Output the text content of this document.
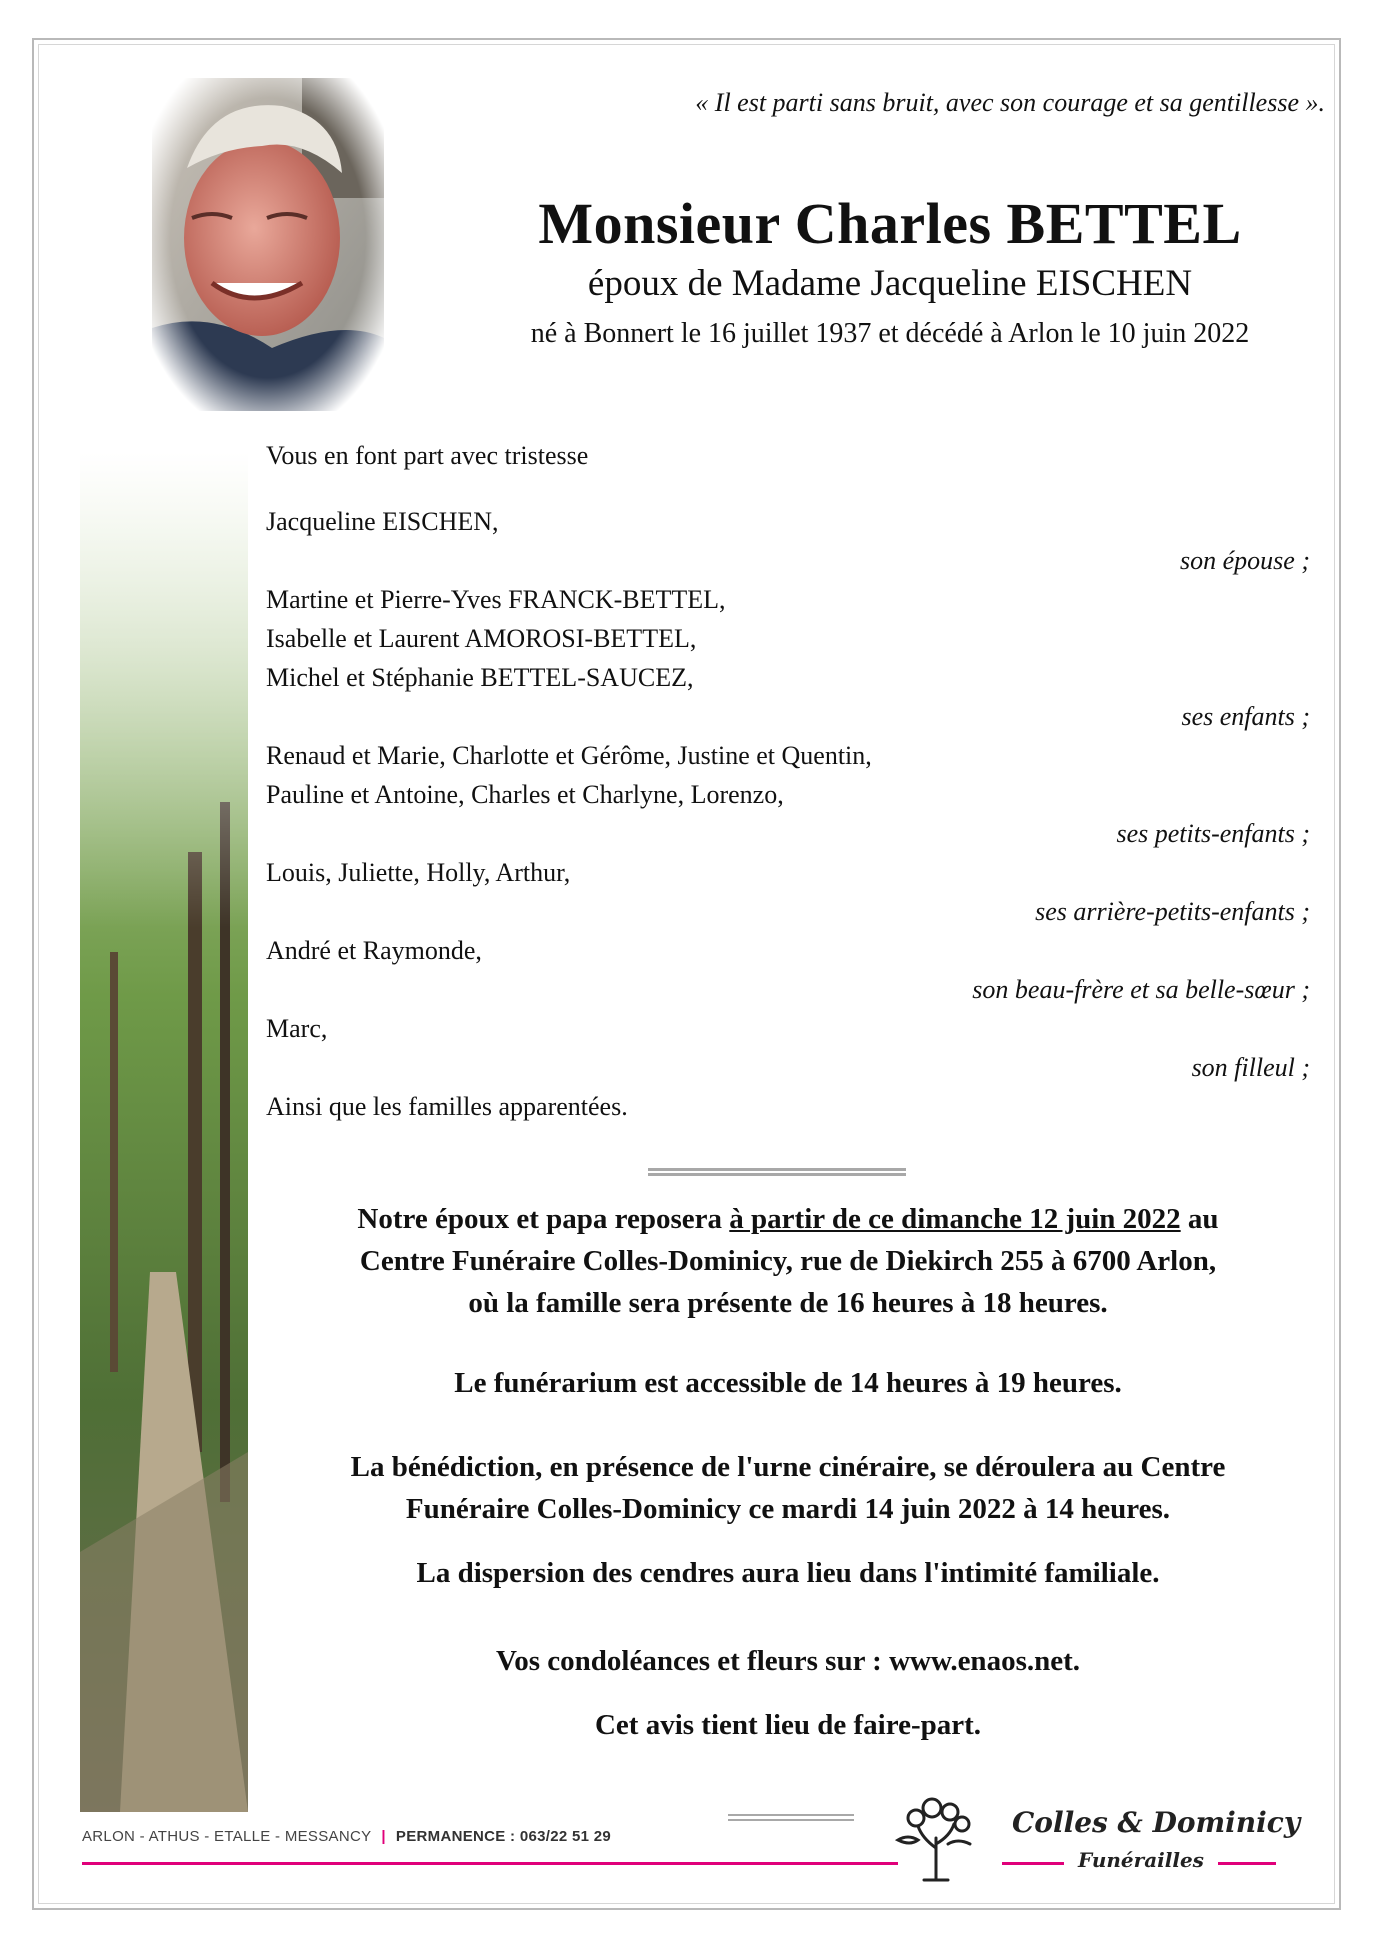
« Il est parti sans bruit, avec son courage et sa gentillesse ».
Monsieur Charles BETTEL
époux de Madame Jacqueline EISCHEN
né à Bonnert le 16 juillet 1937 et décédé à Arlon le 10 juin 2022
Vous en font part avec tristesse
Jacqueline EISCHEN,
son épouse ;
Martine et Pierre-Yves FRANCK-BETTEL,
Isabelle et Laurent AMOROSI-BETTEL,
Michel et Stéphanie BETTEL-SAUCEZ,
ses enfants ;
Renaud et Marie, Charlotte et Gérôme, Justine et Quentin,
Pauline et Antoine, Charles et Charlyne, Lorenzo,
ses petits-enfants ;
Louis, Juliette, Holly, Arthur,
ses arrière-petits-enfants ;
André et Raymonde,
son beau-frère et sa belle-sœur ;
Marc,
son filleul ;
Ainsi que les familles apparentées.
Notre époux et papa reposera à partir de ce dimanche 12 juin 2022 au
Centre Funéraire Colles-Dominicy, rue de Diekirch 255 à 6700 Arlon,
où la famille sera présente de 16 heures à 18 heures.
Le funérarium est accessible de 14 heures à 19 heures.
La bénédiction, en présence de l'urne cinéraire, se déroulera au Centre
Funéraire Colles-Dominicy ce mardi 14 juin 2022 à 14 heures.
La dispersion des cendres aura lieu dans l'intimité familiale.
Vos condoléances et fleurs sur : www.enaos.net.
Cet avis tient lieu de faire-part.
ARLON - ATHUS - ETALLE - MESSANCY | PERMANENCE : 063/22 51 29	Colles & Dominicy
Funérailles
